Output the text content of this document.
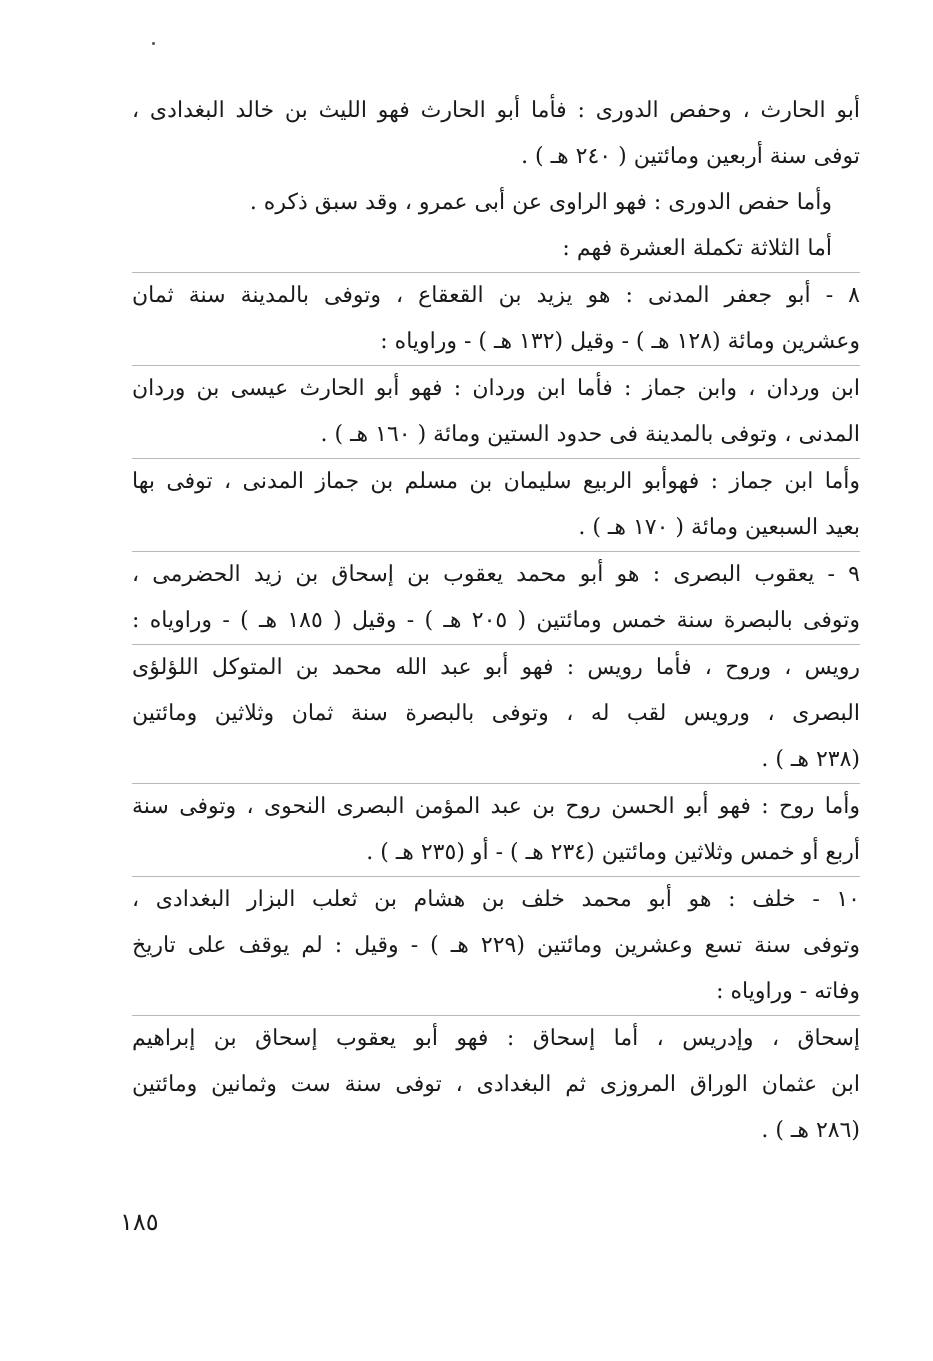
أبو الحارث ، وحفص الدورى : فأما أبو الحارث فهو الليث بن خالد البغدادى ،
توفى سنة أربعين ومائتين ( ٢٤٠ هـ ) .
وأما حفص الدورى : فهو الراوى عن أبى عمرو ، وقد سبق ذكره .
أما الثلاثة تكملة العشرة فهم :
٨ - أبو جعفر المدنى : هو يزيد بن القعقاع ، وتوفى بالمدينة سنة ثمان
وعشرين ومائة (١٢٨ هـ ) - وقيل (١٣٢ هـ ) - وراوياه :
ابن وردان ، وابن جماز : فأما ابن وردان : فهو أبو الحارث عيسى بن وردان
المدنى ، وتوفى بالمدينة فى حدود الستين ومائة ( ١٦٠ هـ ) .
وأما ابن جماز : فهوأبو الربيع سليمان بن مسلم بن جماز المدنى ، توفى بها
بعيد السبعين ومائة ( ١٧٠ هـ ) .
٩ - يعقوب البصرى : هو أبو محمد يعقوب بن إسحاق بن زيد الحضرمى ،
وتوفى بالبصرة سنة خمس ومائتين ( ٢٠٥ هـ ) - وقيل ( ١٨٥ هـ ) - وراوياه :
رويس ، وروح ، فأما رويس : فهو أبو عبد الله محمد بن المتوكل اللؤلؤى
البصرى ، ورويس لقب له ، وتوفى بالبصرة سنة ثمان وثلاثين ومائتين
(٢٣٨ هـ ) .
وأما روح : فهو أبو الحسن روح بن عبد المؤمن البصرى النحوى ، وتوفى سنة
أربع أو خمس وثلاثين ومائتين (٢٣٤ هـ ) - أو (٢٣٥ هـ ) .
١٠ - خلف : هو أبو محمد خلف بن هشام بن ثعلب البزار البغدادى ،
وتوفى سنة تسع وعشرين ومائتين (٢٢٩ هـ ) - وقيل : لم يوقف على تاريخ
وفاته - وراوياه :
إسحاق ، وإدريس ، أما إسحاق : فهو أبو يعقوب إسحاق بن إبراهيم
ابن عثمان الوراق المروزى ثم البغدادى ، توفى سنة ست وثمانين ومائتين
(٢٨٦ هـ ) .
١٨٥
